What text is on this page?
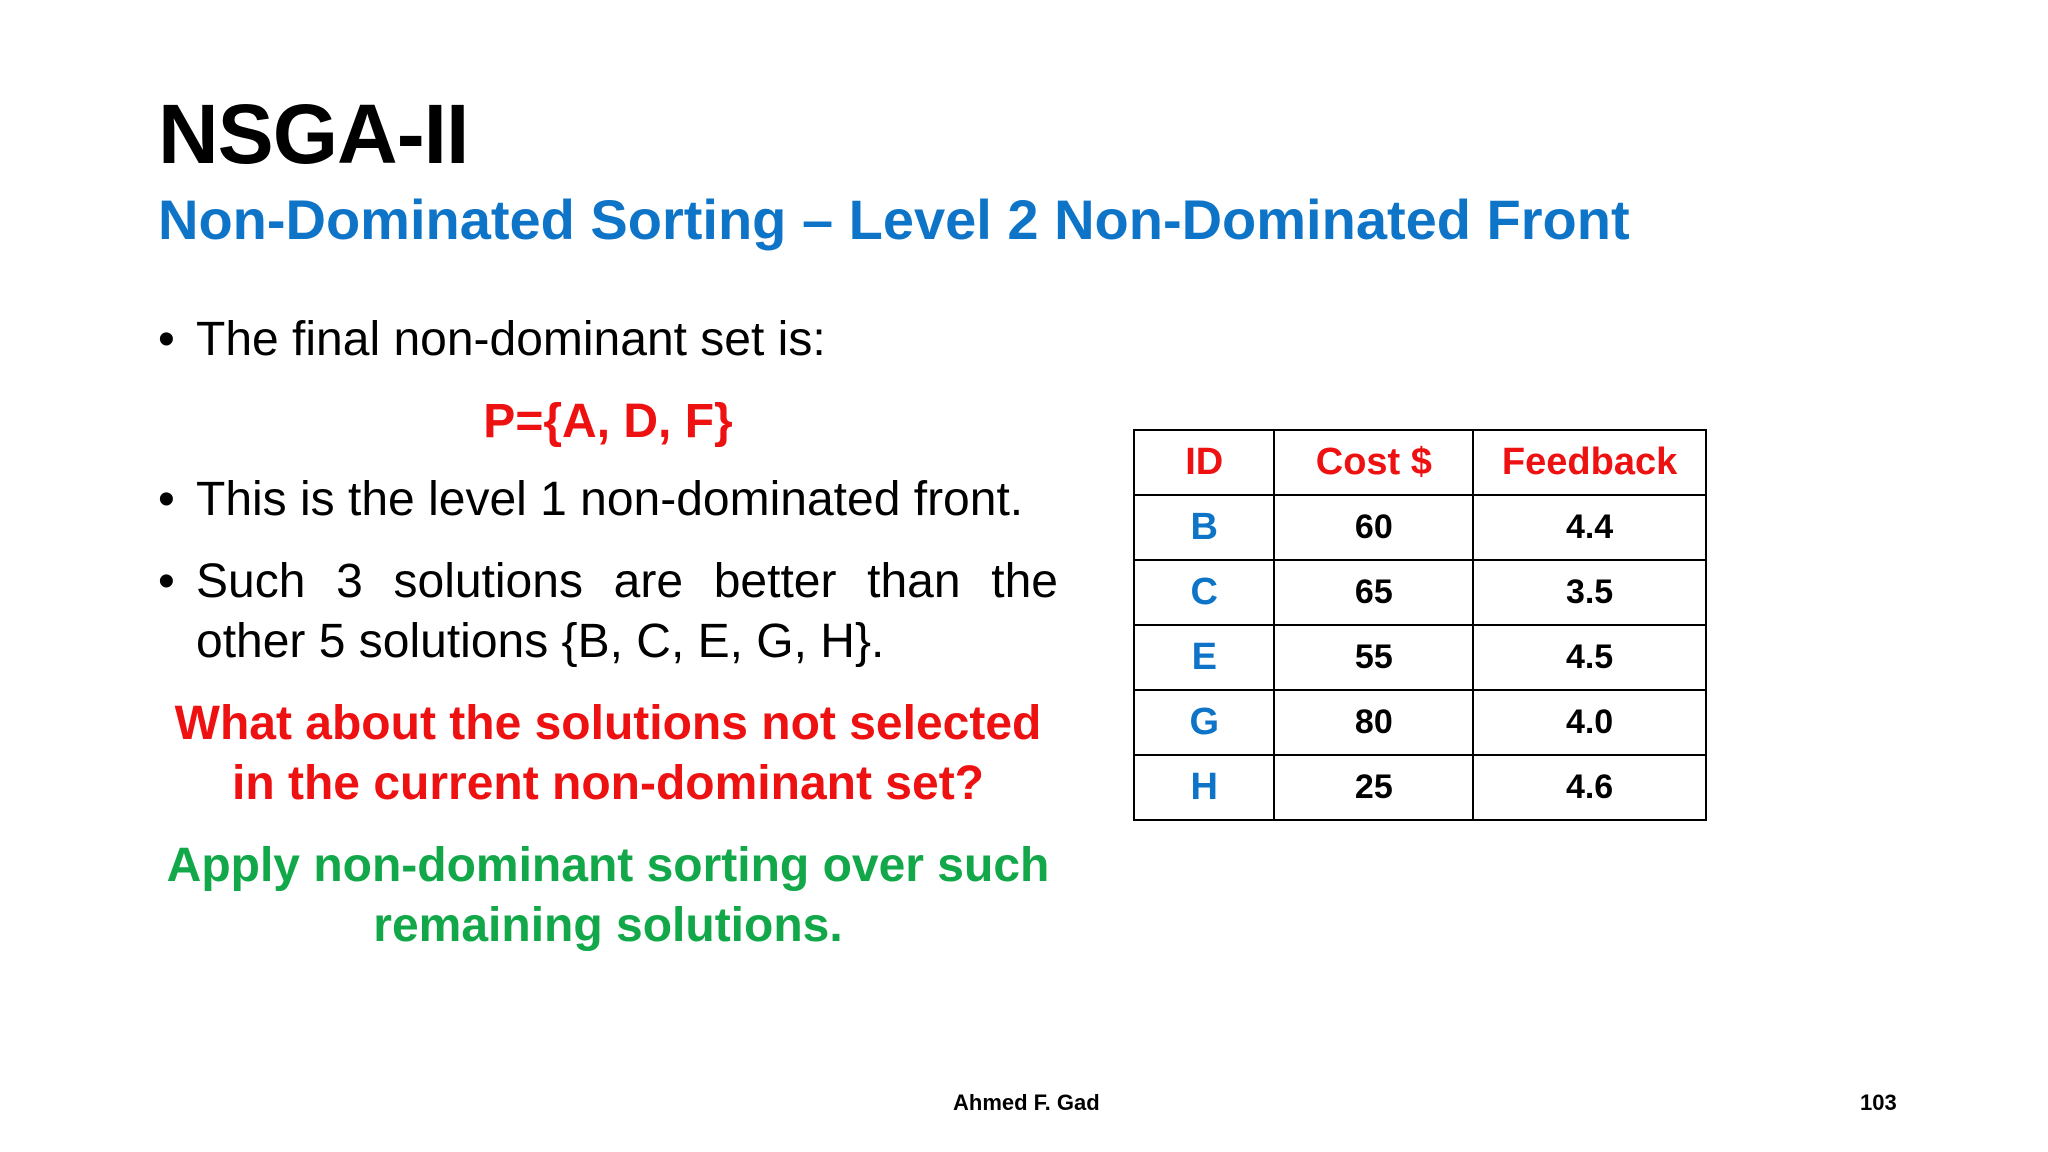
NSGA-II
Non-Dominated Sorting – Level 2 Non-Dominated Front

• The final non-dominant set is:

P={A, D, F}

• This is the level 1 non-dominated front.

• Such 3 solutions are better than the other 5 solutions {B, C, E, G, H}.

What about the solutions not selected
in the current non-dominant set?

Apply non-dominant sorting over such
remaining solutions.

ID	Cost $	Feedback
B	60	4.4
C	65	3.5
E	55	4.5
G	80	4.0
H	25	4.6
Ahmed F. Gad	103
